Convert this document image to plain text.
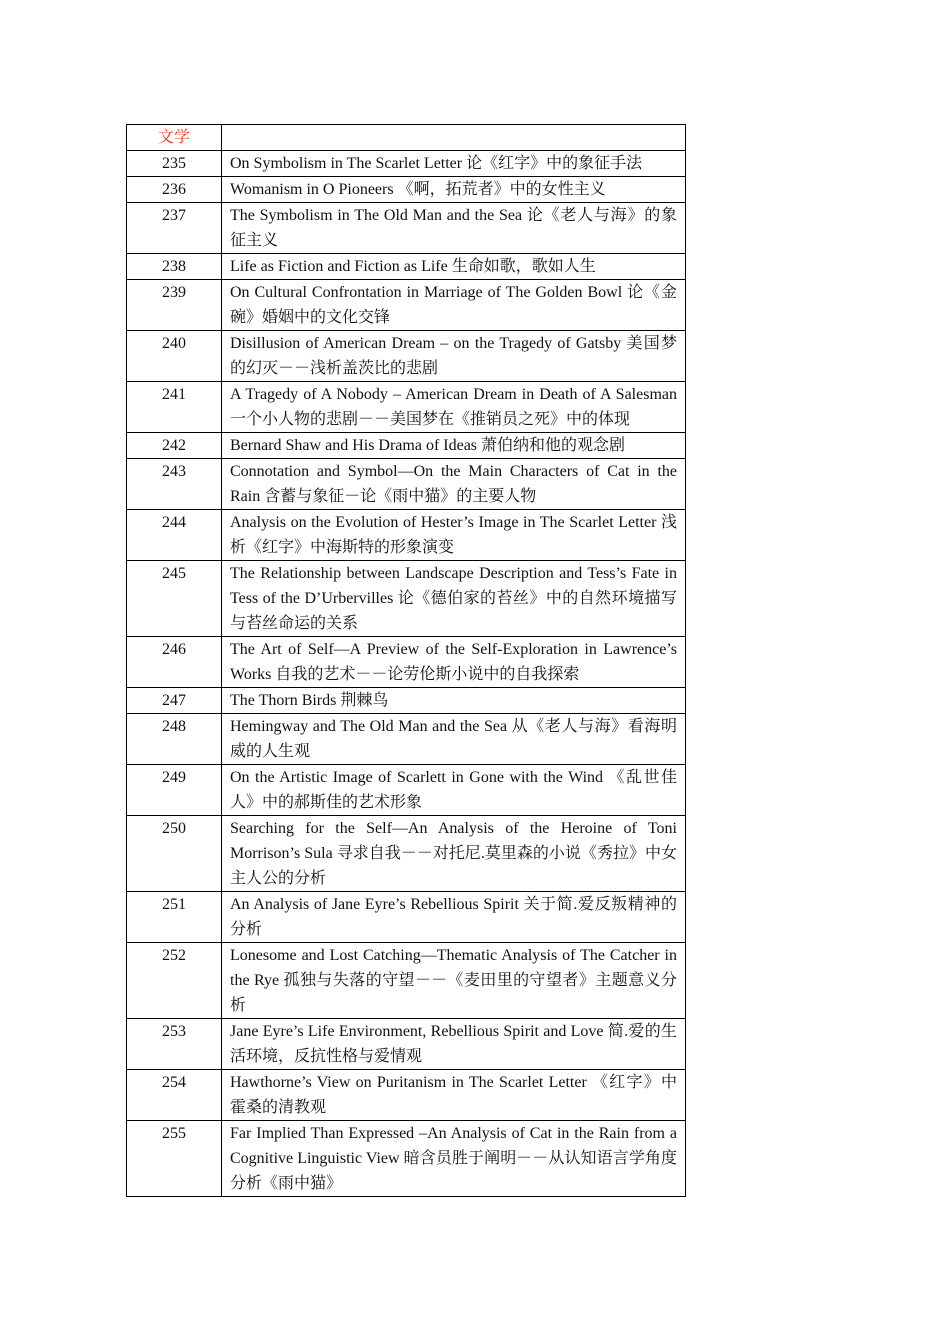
文学	
235	On Symbolism in The Scarlet Letter 论《红字》中的象征手法
236	Womanism in O Pioneers 《啊，拓荒者》中的女性主义
237	The Symbolism in The Old Man and the Sea 论《老人与海》的象征主义
238	Life as Fiction and Fiction as Life 生命如歌，歌如人生
239	On Cultural Confrontation in Marriage of The Golden Bowl 论《金碗》婚姻中的文化交锋
240	Disillusion of American Dream – on the Tragedy of Gatsby 美国梦的幻灭－－浅析盖茨比的悲剧
241	A Tragedy of A Nobody – American Dream in Death of A Salesman 一个小人物的悲剧－－美国梦在《推销员之死》中的体现
242	Bernard Shaw and His Drama of Ideas 萧伯纳和他的观念剧
243	Connotation and Symbol—On the Main Characters of Cat in the Rain 含蓄与象征－论《雨中猫》的主要人物
244	Analysis on the Evolution of Hester’s Image in The Scarlet Letter 浅析《红字》中海斯特的形象演变
245	The Relationship between Landscape Description and Tess’s Fate in Tess of the D’Urbervilles 论《德伯家的苔丝》中的自然环境描写与苔丝命运的关系
246	The Art of Self—A Preview of the Self-Exploration in Lawrence’s Works 自我的艺术－－论劳伦斯小说中的自我探索
247	The Thorn Birds 荆棘鸟
248	Hemingway and The Old Man and the Sea 从《老人与海》看海明威的人生观
249	On the Artistic Image of Scarlett in Gone with the Wind 《乱世佳人》中的郝斯佳的艺术形象
250	Searching for the Self—An Analysis of the Heroine of Toni Morrison’s Sula 寻求自我－－对托尼.莫里森的小说《秀拉》中女主人公的分析
251	An Analysis of Jane Eyre’s Rebellious Spirit 关于简.爱反叛精神的分析
252	Lonesome and Lost Catching—Thematic Analysis of The Catcher in the Rye 孤独与失落的守望－－《麦田里的守望者》主题意义分析
253	Jane Eyre’s Life Environment, Rebellious Spirit and Love 简.爱的生活环境，反抗性格与爱情观
254	Hawthorne’s View on Puritanism in The Scarlet Letter 《红字》中霍桑的清教观
255	Far Implied Than Expressed –An Analysis of Cat in the Rain from a Cognitive Linguistic View 暗含员胜于阐明－－从认知语言学角度分析《雨中猫》
